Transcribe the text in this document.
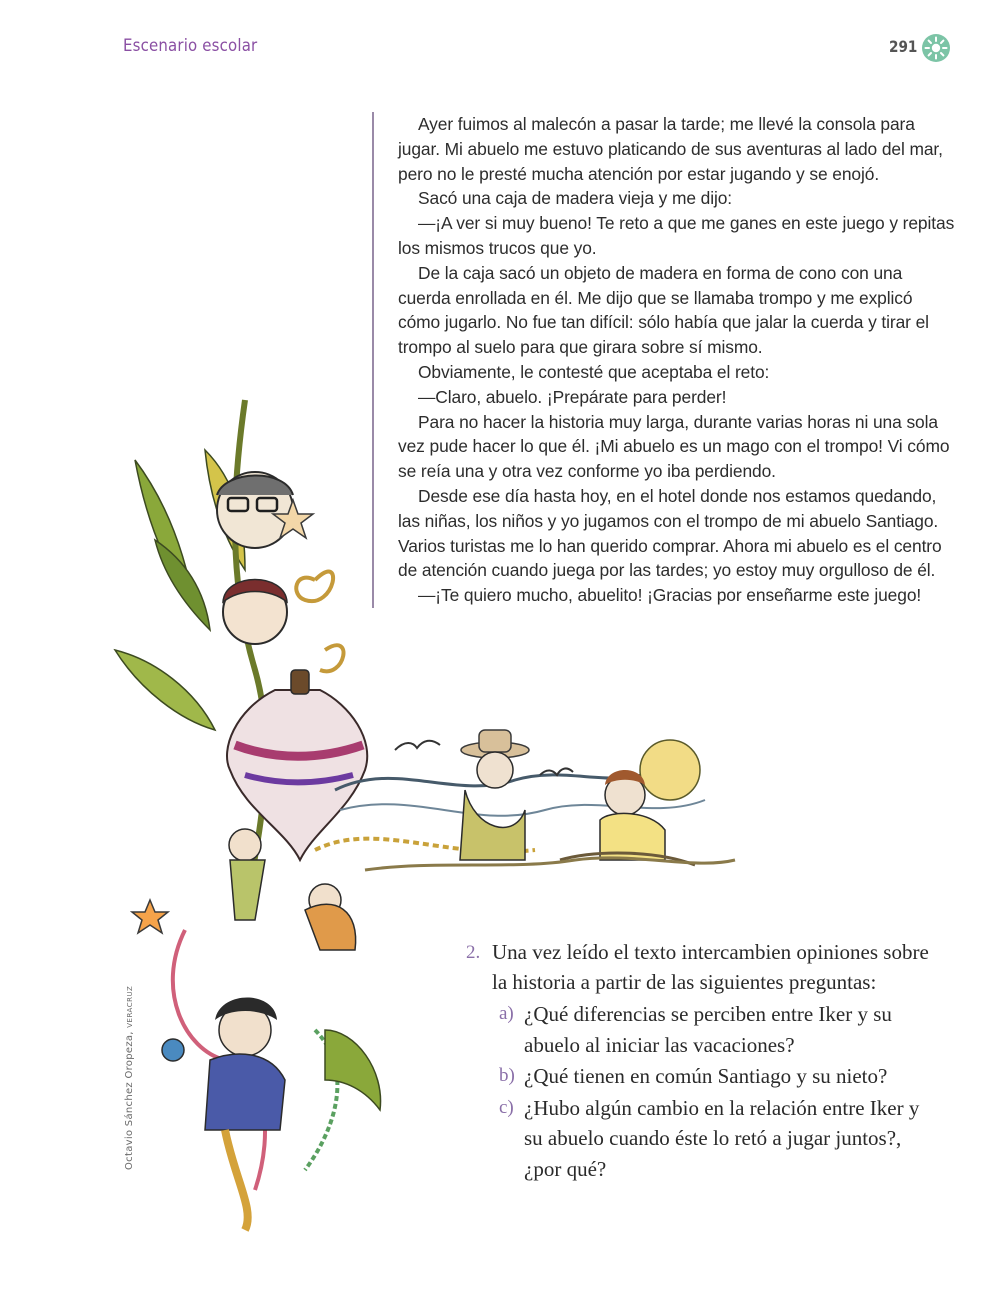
Escenario escolar	291

Ayer fuimos al malecón a pasar la tarde; me llevé la consola para jugar. Mi abuelo me estuvo platicando de sus aventuras al lado del mar, pero no le presté mucha atención por estar jugando y se enojó.

Sacó una caja de madera vieja y me dijo:

—¡A ver si muy bueno! Te reto a que me ganes en este juego y repitas los mismos trucos que yo.

De la caja sacó un objeto de madera en forma de cono con una cuerda enrollada en él. Me dijo que se llamaba trompo y me explicó cómo jugarlo. No fue tan difícil: sólo había que jalar la cuerda y tirar el trompo al suelo para que girara sobre sí mismo.

Obviamente, le contesté que aceptaba el reto:

—Claro, abuelo. ¡Prepárate para perder!

Para no hacer la historia muy larga, durante varias horas ni una sola vez pude hacer lo que él. ¡Mi abuelo es un mago con el trompo! Vi cómo se reía una y otra vez conforme yo iba perdiendo.

Desde ese día hasta hoy, en el hotel donde nos estamos quedando, las niñas, los niños y yo jugamos con el trompo de mi abuelo Santiago. Varios turistas me lo han querido comprar. Ahora mi abuelo es el centro de atención cuando juega por las tardes; yo estoy muy orgulloso de él.

—¡Te quiero mucho, abuelito! ¡Gracias por enseñarme este juego!

Octavio Sánchez Oropeza, VERACRUZ
2. Una vez leído el texto intercambien opiniones sobre la historia a partir de las siguientes preguntas:
a) ¿Qué diferencias se perciben entre Iker y su abuelo al iniciar las vacaciones?
b) ¿Qué tienen en común Santiago y su nieto?
c) ¿Hubo algún cambio en la relación entre Iker y su abuelo cuando éste lo retó a jugar juntos?, ¿por qué?
